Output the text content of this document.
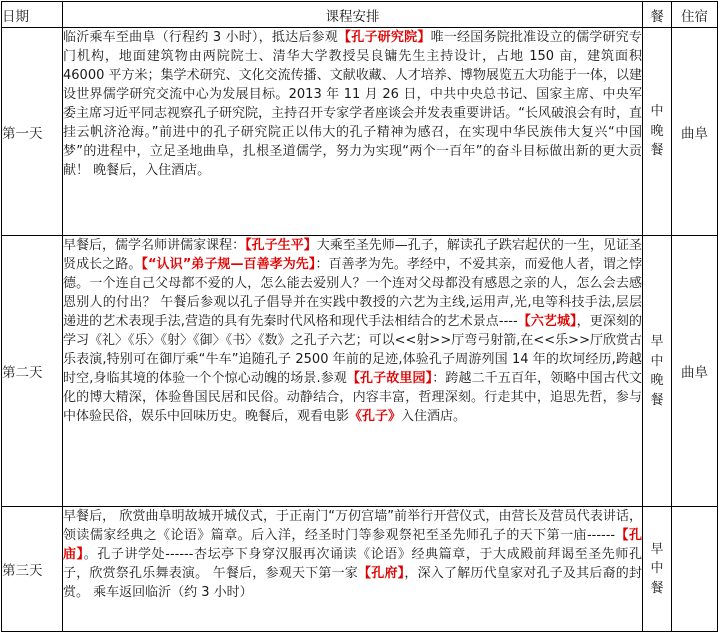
日期	课程安排	餐	住宿
第一天	临沂乘车至曲阜（行程约 3 小时），抵达后参观【孔子研究院】唯一经国务院批准设立的儒学研究专门机构，地面建筑物由两院院士、清华大学教授吴良镛先生主持设计，占地 150 亩，建筑面积 46000 平方米；集学术研究、文化交流传播、文献收藏、人才培养、博物展览五大功能于一体，以建设世界儒学研究交流中心为发展目标。2013 年 11 月 26 日，中共中央总书记、国家主席、中央军委主席习近平同志视察孔子研究院，主持召开专家学者座谈会并发表重要讲话。“长风破浪会有时，直挂云帆济沧海。”前进中的孔子研究院正以伟大的孔子精神为感召，在实现中华民族伟大复兴“中国梦”的进程中，立足圣地曲阜，扎根圣道儒学，努力为实现“两个一百年”的奋斗目标做出新的更大贡献！ 晚餐后，入住酒店。	中晚餐	曲阜
第二天	早餐后，儒学名师讲儒家课程：【孔子生平】大乘至圣先师—孔子，解读孔子跌宕起伏的一生，见证圣贤成长之路。【“认识”弟子规—百善孝为先】：百善孝为先。孝经中，不爱其亲，而爱他人者，谓之悖德。一个连自己父母都不爱的人，怎么能去爱别人？一个连对父母都没有感恩之亲的人，怎么会去感恩别人的付出？ 午餐后参观以孔子倡导并在实践中教授的六艺为主线,运用声,光,电等科技手法,层层递进的艺术表现手法,营造的具有先秦时代风格和现代手法相结合的艺术景点----【六艺城】，更深刻的学习《礼〉《乐〉《射〉《御〉《书〉《数》之孔子六艺；可以<<射>>厅弯弓射箭,在<<乐>>厅欣赏古乐表演,特别可在御厅乘“牛车”追随孔子 2500 年前的足迹,体验孔子周游列国 14 年的坎坷经历,跨越时空,身临其境的体验一个个惊心动魄的场景.参观【孔子故里园】：跨越二千五百年，领略中国古代文化的博大精深，体验鲁国民居和民俗。动静结合，内容丰富，哲理深刻。行走其中，追思先哲，参与中体验民俗，娱乐中回味历史。晚餐后，观看电影《孔子》入住酒店。	早中晚餐	曲阜
第三天	早餐后， 欣赏曲阜明故城开城仪式，于正南门“万仞宫墙”前举行开营仪式，由营长及营员代表讲话，领读儒家经典之《论语》篇章。后入洋，经圣时门等参观祭祀至圣先师孔子的天下第一庙------【孔庙】。孔子讲学处------杏坛亭下身穿汉服再次诵读《论语》经典篇章，于大成殿前拜谒至圣先师孔子，欣赏祭孔乐舞表演。 午餐后，参观天下第一家【孔府】，深入了解历代皇家对孔子及其后裔的封赏。 乘车返回临沂（约 3 小时）	早中餐	
